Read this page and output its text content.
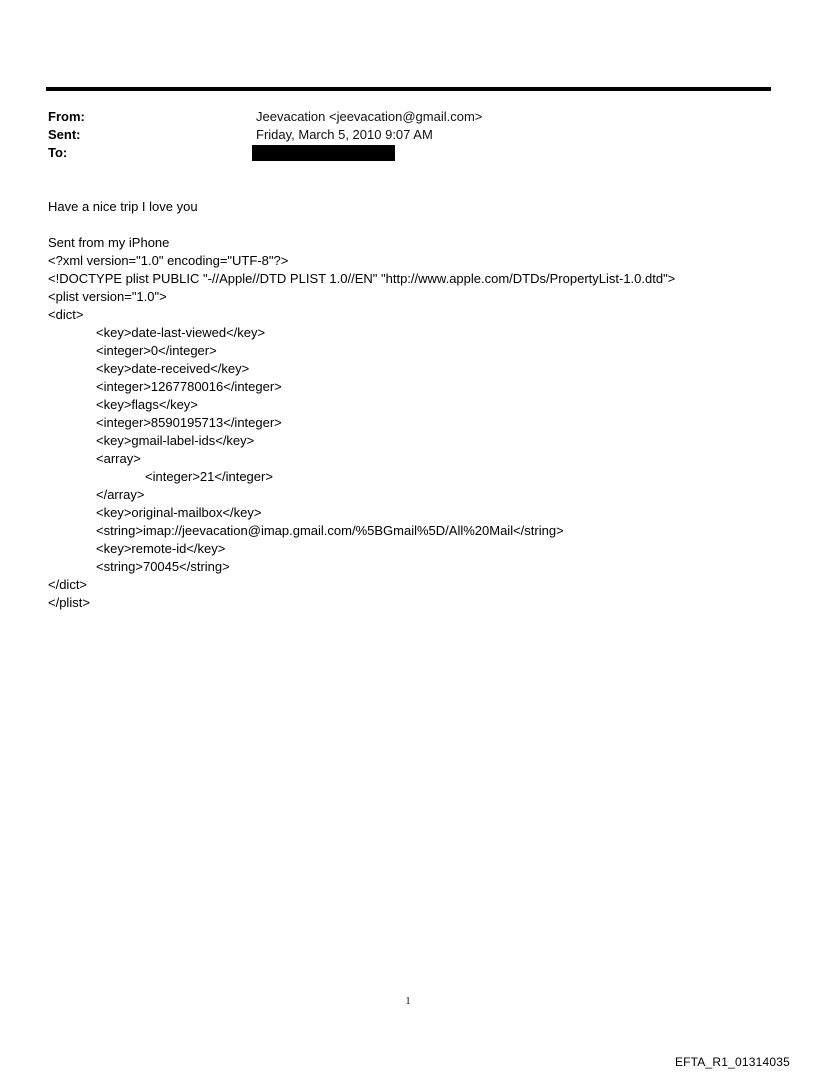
From:	Jeevacation <jeevacation@gmail.com>
Sent:	Friday, March 5, 2010 9:07 AM
To:
Have a nice trip I love you
Sent from my iPhone
<?xml version="1.0" encoding="UTF-8"?>
<!DOCTYPE plist PUBLIC "-//Apple//DTD PLIST 1.0//EN" "http://www.apple.com/DTDs/PropertyList-1.0.dtd">
<plist version="1.0">
<dict>
<key>date-last-viewed</key>
<integer>0</integer>
<key>date-received</key>
<integer>1267780016</integer>
<key>flags</key>
<integer>8590195713</integer>
<key>gmail-label-ids</key>
<array>
<integer>21</integer>
</array>
<key>original-mailbox</key>
<string>imap://jeevacation@imap.gmail.com/%5BGmail%5D/All%20Mail</string>
<key>remote-id</key>
<string>70045</string>
</dict>
</plist>
1
EFTA_R1_01314035
